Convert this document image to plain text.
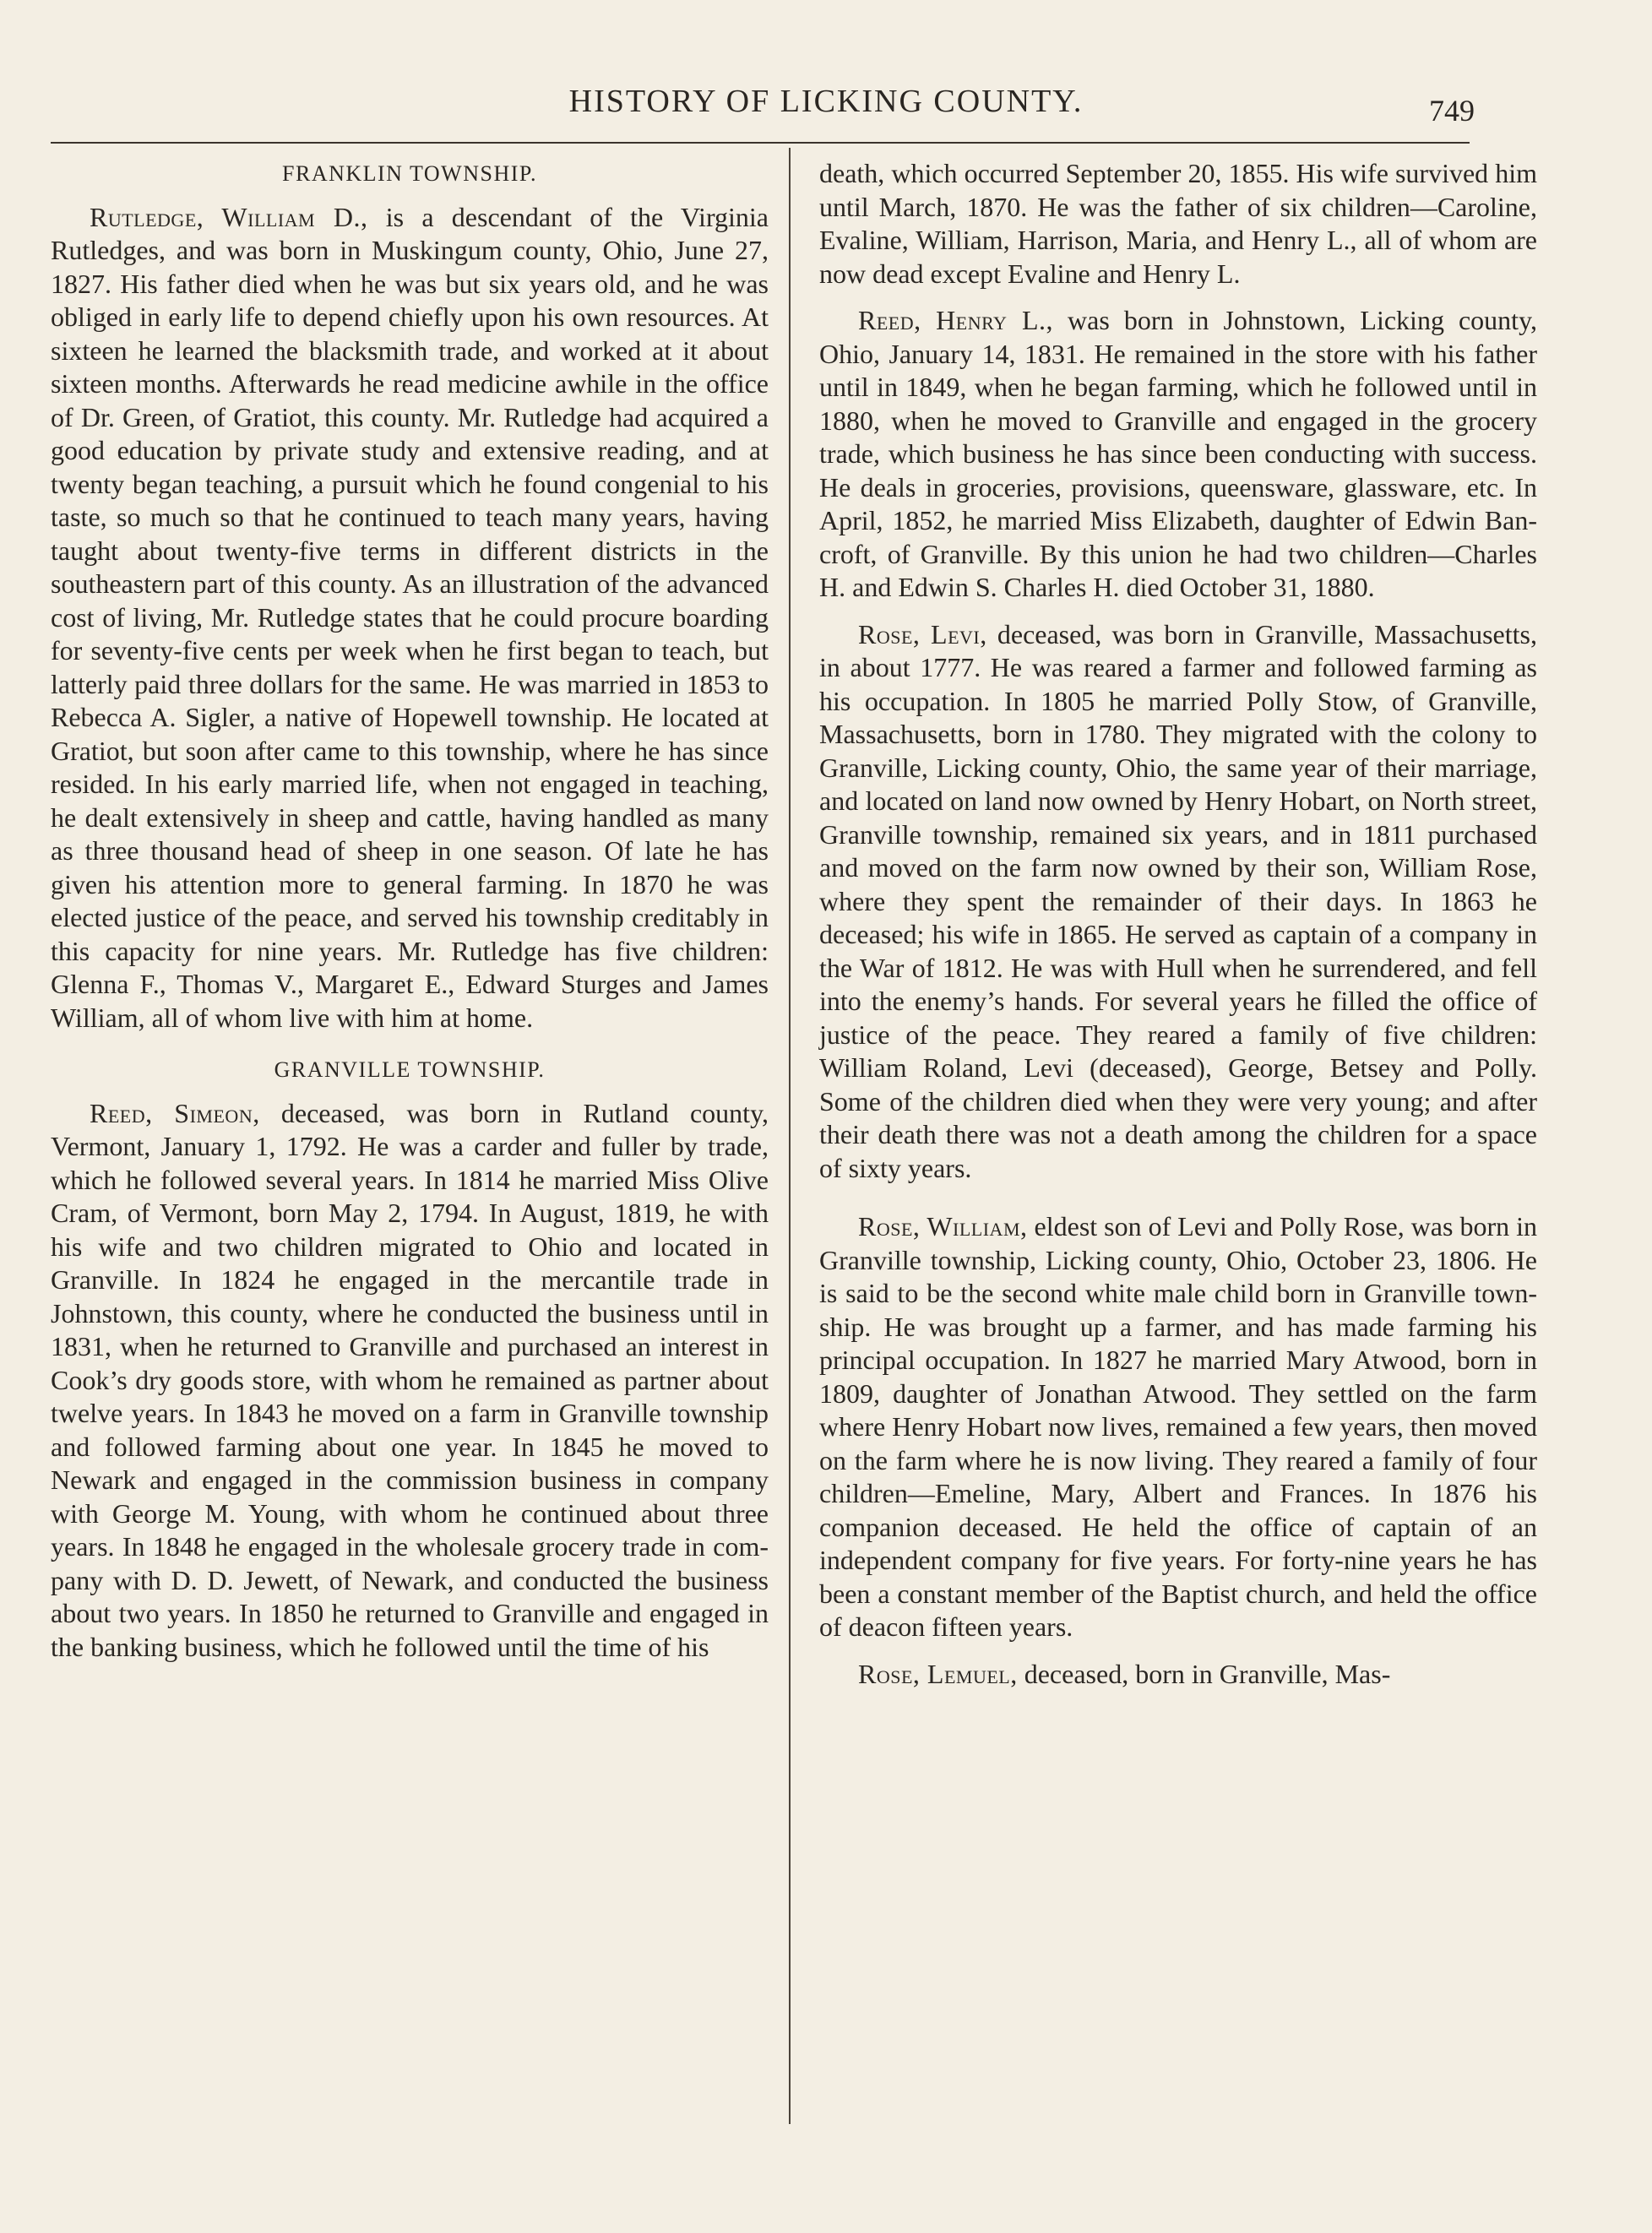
HISTORY OF LICKING COUNTY.	749
FRANKLIN TOWNSHIP.

Rutledge, William D., is a descendant of the Virginia Rutledges, and was born in Muskingum county, Ohio, June 27, 1827. His father died when he was but six years old, and he was obliged in early life to depend chiefly upon his own resources. At sixteen he learned the blacksmith trade, and worked at it about sixteen months. Afterwards he read medicine awhile in the office of Dr. Green, of Gratiot, this county. Mr. Rutledge had acquired a good education by private study and extensive reading, and at twenty began teaching, a pursuit which he found congenial to his taste, so much so that he continued to teach many years, having taught about twenty-five terms in different districts in the southeastern part of this county. As an illustration of the advanced cost of living, Mr. Rutledge states that he could procure boarding for seventy-five cents per week when he first began to teach, but latterly paid three dollars for the same. He was married in 1853 to Rebecca A. Sigler, a native of Hopewell township. He located at Gratiot, but soon after came to this township, where he has since resided. In his early married life, when not engaged in teaching, he dealt extensively in sheep and cattle, having handled as many as three thousand head of sheep in one season. Of late he has given his attention more to general farming. In 1870 he was elected justice of the peace, and served his township creditably in this capacity for nine years. Mr. Rutledge has five children: Glenna F., Thomas V., Margaret E., Edward Sturges and James William, all of whom live with him at home.

GRANVILLE TOWNSHIP.

Reed, Simeon, deceased, was born in Rutland county, Vermont, January 1, 1792. He was a carder and fuller by trade, which he followed several years. In 1814 he married Miss Olive Cram, of Vermont, born May 2, 1794. In August, 1819, he with his wife and two children migrated to Ohio and located in Granville. In 1824 he engaged in the mercantile trade in Johnstown, this county, where he conducted the business until in 1831, when he returned to Granville and purchased an interest in Cook’s dry goods store, with whom he remained as partner about twelve years. In 1843 he moved on a farm in Granville township and followed farming about one year. In 1845 he moved to Newark and engaged in the commission business in company with George M. Young, with whom he continued about three years. In 1848 he engaged in the wholesale grocery trade in company with D. D. Jewett, of Newark, and conducted the business about two years. In 1850 he returned to Granville and engaged in the banking business, which he followed until the time of his

death, which occurred September 20, 1855. His wife survived him until March, 1870. He was the father of six children—Caroline, Evaline, William, Harrison, Maria, and Henry L., all of whom are now dead except Evaline and Henry L.

Reed, Henry L., was born in Johnstown, Licking county, Ohio, January 14, 1831. He remained in the store with his father until in 1849, when he began farming, which he followed until in 1880, when he moved to Granville and engaged in the grocery trade, which business he has since been conducting with success. He deals in groceries, provisions, queensware, glassware, etc. In April, 1852, he married Miss Elizabeth, daughter of Edwin Bancroft, of Granville. By this union he had two children—Charles H. and Edwin S. Charles H. died October 31, 1880.

Rose, Levi, deceased, was born in Granville, Massachusetts, in about 1777. He was reared a farmer and followed farming as his occupation. In 1805 he married Polly Stow, of Granville, Massachusetts, born in 1780. They migrated with the colony to Granville, Licking county, Ohio, the same year of their marriage, and located on land now owned by Henry Hobart, on North street, Granville township, remained six years, and in 1811 purchased and moved on the farm now owned by their son, William Rose, where they spent the remainder of their days. In 1863 he deceased; his wife in 1865. He served as captain of a company in the War of 1812. He was with Hull when he surrendered, and fell into the enemy’s hands. For several years he filled the office of justice of the peace. They reared a family of five children: William Roland, Levi (deceased), George, Betsey and Polly. Some of the children died when they were very young; and after their death there was not a death among the children for a space of sixty years.

Rose, William, eldest son of Levi and Polly Rose, was born in Granville township, Licking county, Ohio, October 23, 1806. He is said to be the second white male child born in Granville township. He was brought up a farmer, and has made farming his principal occupation. In 1827 he married Mary Atwood, born in 1809, daughter of Jonathan Atwood. They settled on the farm where Henry Hobart now lives, remained a few years, then moved on the farm where he is now living. They reared a family of four children—Emeline, Mary, Albert and Frances. In 1876 his companion deceased. He held the office of captain of an independent company for five years. For forty-nine years he has been a constant member of the Baptist church, and held the office of deacon fifteen years.

Rose, Lemuel, deceased, born in Granville, Mas-
